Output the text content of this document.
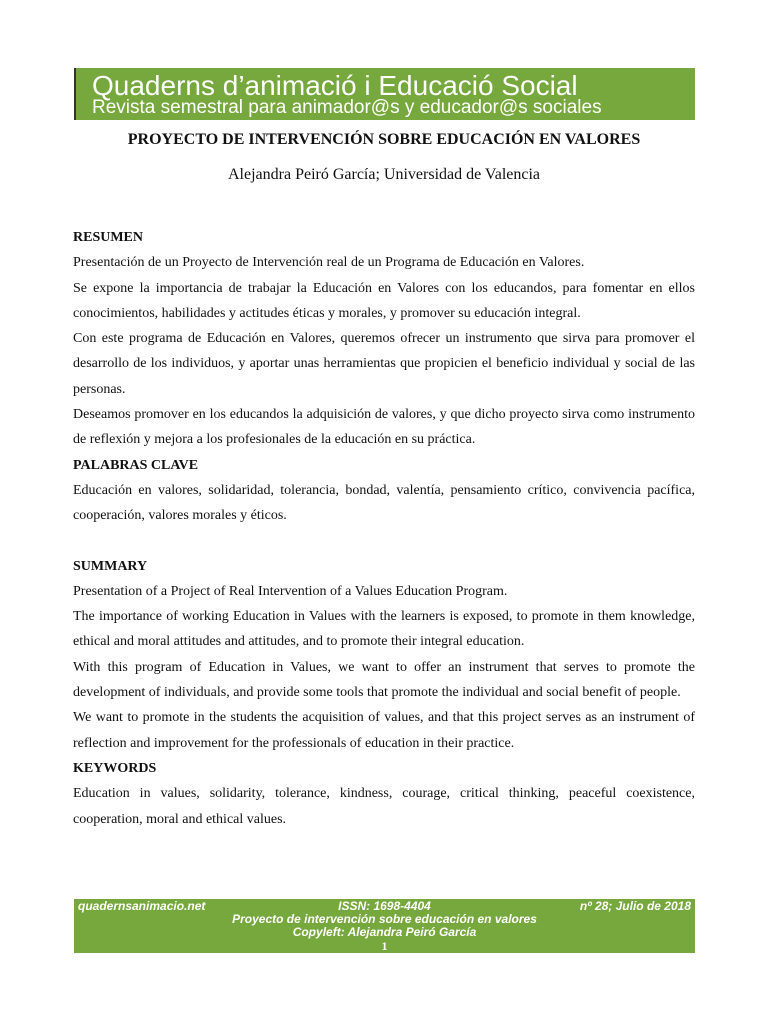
Quaderns d’animació i Educació Social
Revista semestral para animador@s y educador@s sociales
PROYECTO DE INTERVENCIÓN SOBRE EDUCACIÓN EN VALORES
Alejandra Peiró García; Universidad de Valencia
RESUMEN

Presentación de un Proyecto de Intervención real de un Programa de Educación en Valores.

Se expone la importancia de trabajar la Educación en Valores con los educandos, para fomentar en ellos conocimientos, habilidades y actitudes éticas y morales, y promover su educación integral.

Con este programa de Educación en Valores, queremos ofrecer un instrumento que sirva para promover el desarrollo de los individuos, y aportar unas herramientas que propicien el beneficio individual y social de las personas.

Deseamos promover en los educandos la adquisición de valores, y que dicho proyecto sirva como instrumento de reflexión y mejora a los profesionales de la educación en su práctica.

PALABRAS CLAVE

Educación en valores, solidaridad, tolerancia, bondad, valentía, pensamiento crítico, convivencia pacífica, cooperación, valores morales y éticos.

SUMMARY

Presentation of a Project of Real Intervention of a Values Education Program.

The importance of working Education in Values with the learners is exposed, to promote in them knowledge, ethical and moral attitudes and attitudes, and to promote their integral education.

With this program of Education in Values, we want to offer an instrument that serves to promote the development of individuals, and provide some tools that promote the individual and social benefit of people.

We want to promote in the students the acquisition of values, and that this project serves as an instrument of reflection and improvement for the professionals of education in their practice.

KEYWORDS

Education in values, solidarity, tolerance, kindness, courage, critical thinking, peaceful coexistence, cooperation, moral and ethical values.

quadernsanimacio.net	ISSN: 1698-4404	nº 28; Julio de 2018
Proyecto de intervención sobre educación en valores
Copyleft: Alejandra Peiró García
1
